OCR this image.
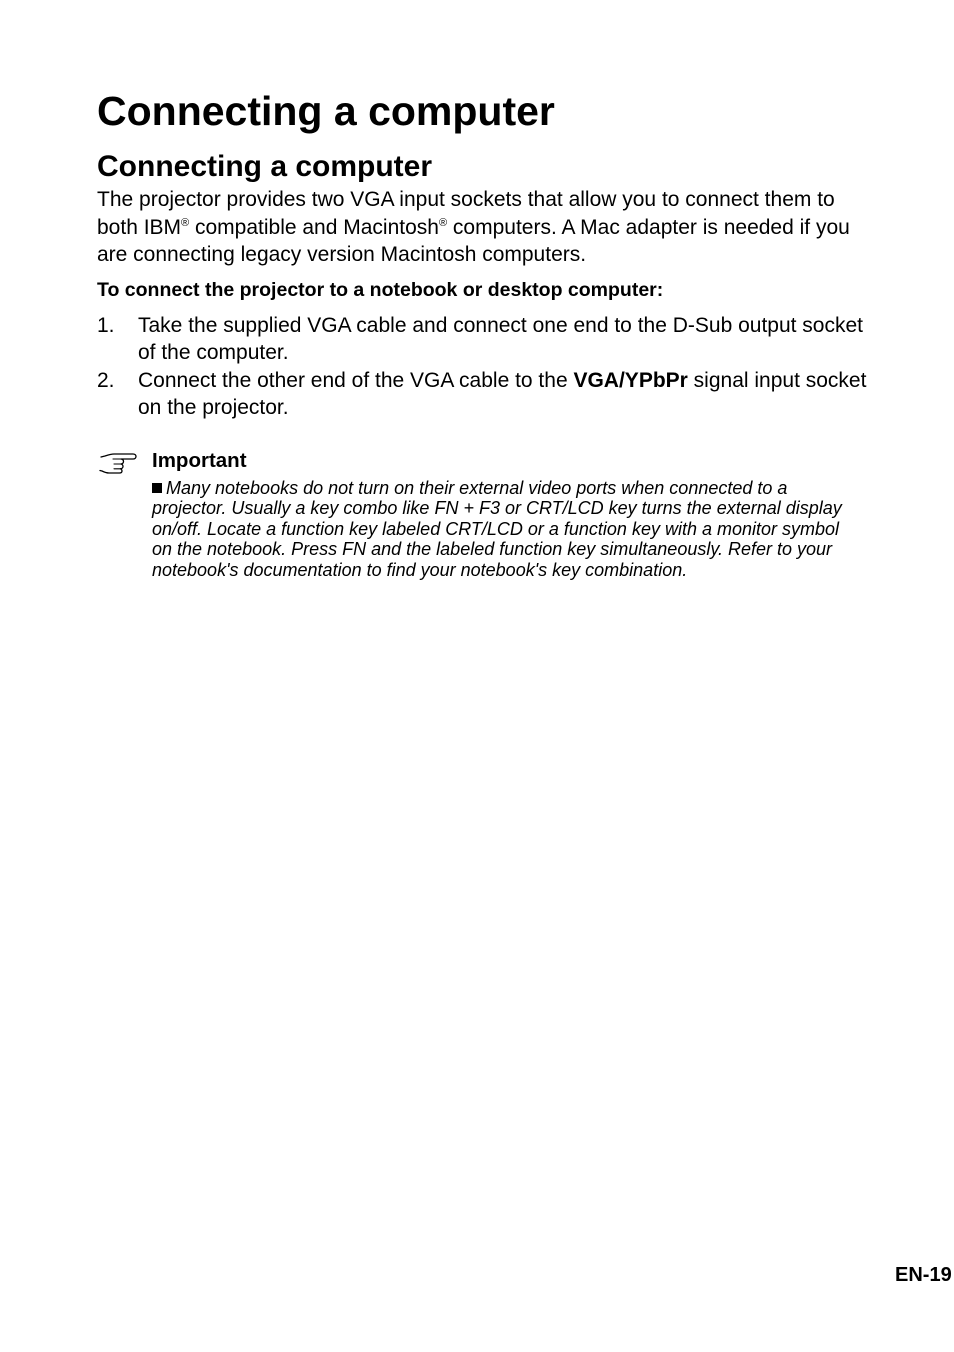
Connecting a computer
Connecting a computer

The projector provides two VGA input sockets that allow you to connect them to both IBM® compatible and Macintosh® computers. A Mac adapter is needed if you are connecting legacy version Macintosh computers.

To connect the projector to a notebook or desktop computer:

1. Take the supplied VGA cable and connect one end to the D-Sub output socket of the computer.
2. Connect the other end of the VGA cable to the VGA/YPbPr signal input socket on the projector.

Important

Many notebooks do not turn on their external video ports when connected to a projector. Usually a key combo like FN + F3 or CRT/LCD key turns the external display on/off. Locate a function key labeled CRT/LCD or a function key with a monitor symbol on the notebook. Press FN and the labeled function key simultaneously. Refer to your notebook's documentation to find your notebook's key combination.

EN-19
